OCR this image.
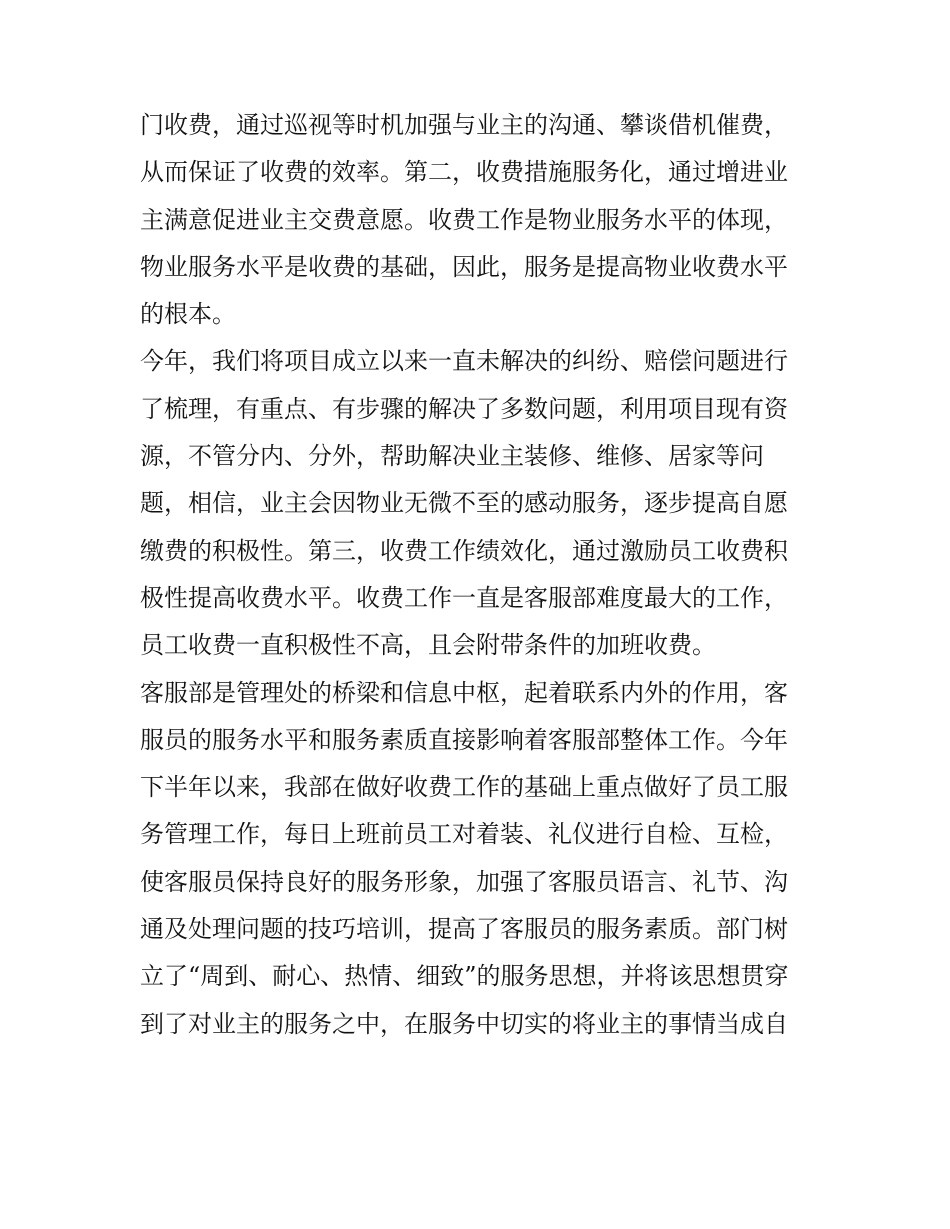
门收费，通过巡视等时机加强与业主的沟通、攀谈借机催费，
从而保证了收费的效率。第二，收费措施服务化，通过增进业
主满意促进业主交费意愿。收费工作是物业服务水平的体现，
物业服务水平是收费的基础，因此，服务是提高物业收费水平
的根本。
今年，我们将项目成立以来一直未解决的纠纷、赔偿问题进行
了梳理，有重点、有步骤的解决了多数问题，利用项目现有资
源，不管分内、分外，帮助解决业主装修、维修、居家等问
题，相信，业主会因物业无微不至的感动服务，逐步提高自愿
缴费的积极性。第三，收费工作绩效化，通过激励员工收费积
极性提高收费水平。收费工作一直是客服部难度最大的工作，
员工收费一直积极性不高，且会附带条件的加班收费。
客服部是管理处的桥梁和信息中枢，起着联系内外的作用，客
服员的服务水平和服务素质直接影响着客服部整体工作。今年
下半年以来，我部在做好收费工作的基础上重点做好了员工服
务管理工作，每日上班前员工对着装、礼仪进行自检、互检，
使客服员保持良好的服务形象，加强了客服员语言、礼节、沟
通及处理问题的技巧培训，提高了客服员的服务素质。部门树
立了“周到、耐心、热情、细致”的服务思想，并将该思想贯穿
到了对业主的服务之中，在服务中切实的将业主的事情当成自
